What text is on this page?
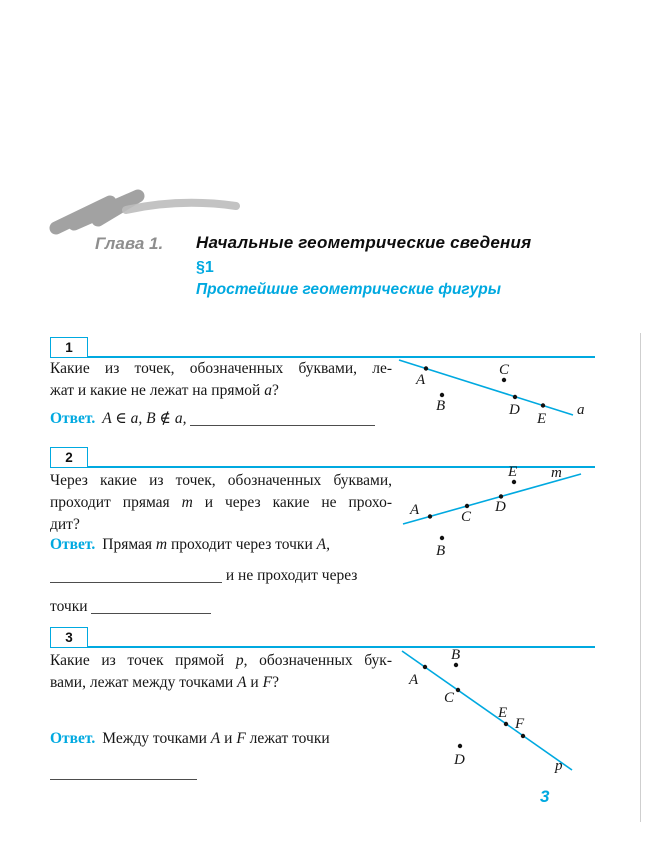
Глава 1. Начальные геометрические сведения
§1
Простейшие геометрические фигуры
1
Какие из точек, обозначенных буквами, ле-
жат и какие не лежат на прямой a?
Ответ. A ∈ a, B ∉ a,	a
A
C
B	D
E
2
Через какие из точек, обозначенных буквами,
проходит прямая m и через какие не прохо-
дит?
Ответ. Прямая m проходит через точки A,
и не проходит через
точки
m
A	C
D
E
B
3
Какие из точек прямой p, обозначенных бук-
вами, лежат между точками A и F?
Ответ. Между точками A и F лежат точки
p
A
B
C
E
F
D
3
